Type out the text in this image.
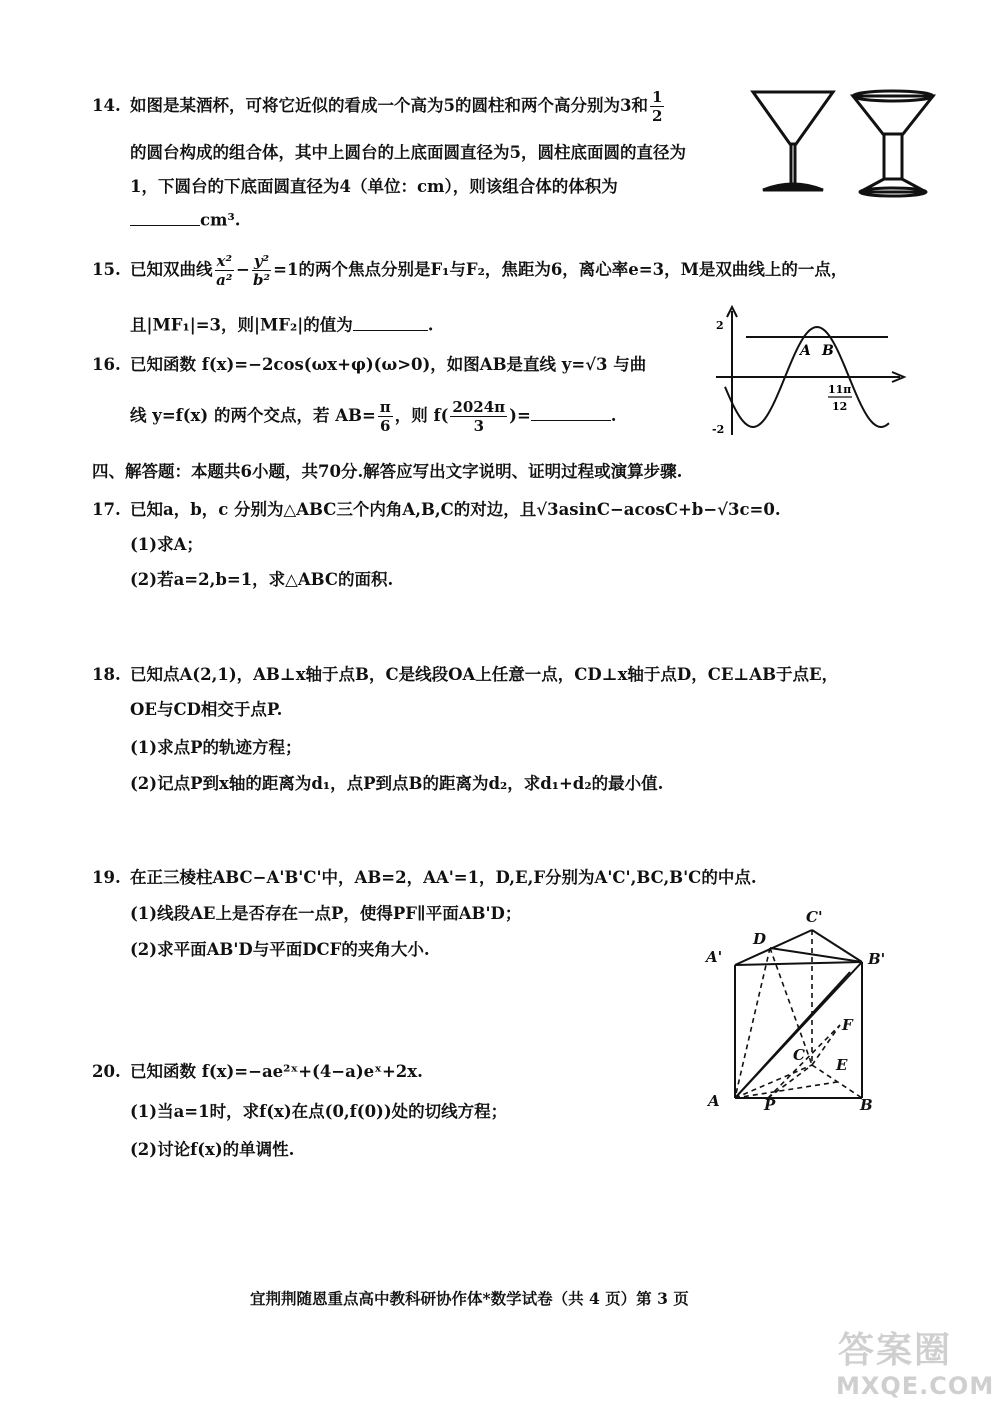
14. 如图是某酒杯，可将它近似的看成一个高为5的圆柱和两个高分别为3和 $\frac{1}{2}$
的圆台构成的组合体，其中上圆台的上底面圆直径为5，圆柱底面圆的直径为
1，下圆台的下底面圆直径为4（单位：cm），则该组合体的体积为
cm³.
15. 已知双曲线 $\frac{\text{x²}}{\text{a²}} - \frac{\text{y²}}{\text{b²}} =1$的两个焦点分别是F₁与F₂，焦距为6，离心率e=3，M是双曲线上的一点，
且|MF₁|=3，则|MF₂|的值为	.
16. 已知函数 f(x)=−2cos(ωx+φ)(ω>0)，如图AB是直线 y=√3 与曲
线 y=f(x) 的两个交点，若 $AB= \frac{\pi}{6}$ ，则 $f( \frac{2024\pi}{3}$ )=	.
2
-2
A B
11π
12
四、解答题：本题共6小题，共70分.解答应写出文字说明、证明过程或演算步骤.
17. 已知a，b，c 分别为△ABC三个内角A,B,C的对边，且√3asinC−acosC+b−√3c=0.
(1)求A；
(2)若a=2,b=1，求△ABC的面积.
18. 已知点A(2,1)，AB⊥x轴于点B，C是线段OA上任意一点，CD⊥x轴于点D，CE⊥AB于点E，
OE与CD相交于点P.
(1)求点P的轨迹方程；
(2)记点P到x轴的距离为d₁，点P到点B的距离为d₂，求d₁+d₂的最小值.
19. 在正三棱柱ABC−A'B'C'中，AB=2，AA'=1，D,E,F分别为A'C',BC,B'C的中点.
(1)线段AE上是否存在一点P，使得PF∥平面AB'D；
(2)求平面AB'D与平面DCF的夹角大小.
A	B
C
P
E
F
D
A'	B'
C'
20. 已知函数 f(x)=−ae²ˣ+(4−a)eˣ+2x.
(1)当a=1时，求f(x)在点(0,f(0))处的切线方程；
(2)讨论f(x)的单调性.
宜荆荆随恩重点高中教科研协作体*数学试卷（共 4 页）第 3 页
答案圈
MXQE.COM
